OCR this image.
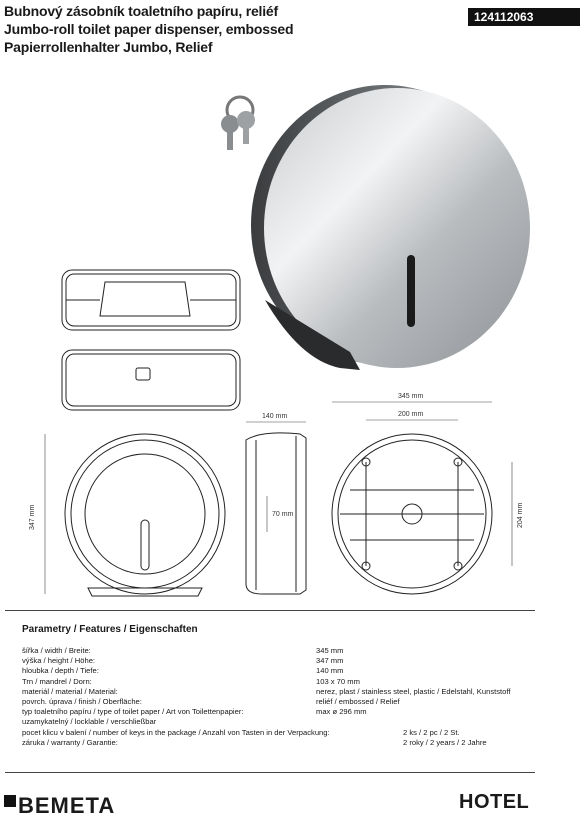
Bubnový zásobník toaletního papíru, reliéf
Jumbo-roll toilet paper dispenser, embossed
Papierrollenhalter Jumbo, Relief
124112063
140 mm
70 mm
347 mm
345 mm
200 mm
204 mm
Parametry / Features / Eigenschaften
šířka / width / Breite:	345 mm
výška / height / Höhe:	347 mm
hloubka / depth / Tiefe:	140 mm
Trn / mandrel / Dorn:	103 x 70 mm
materiál / material / Material:	nerez, plast / stainless steel, plastic / Edelstahl, Kunststoff
povrch. úprava / finish / Oberfläche:	reliéf / embossed / Relief
typ toaletního papíru / type of toilet paper / Art von Toilettenpapier:	max ø 296 mm
uzamykatelný / locklable / verschließbar
pocet klicu v balení / number of keys in the package / Anzahl von Tasten in der Verpackung:	2 ks / 2 pc / 2 St.
záruka / warranty / Garantie:	2 roky / 2 years / 2 Jahre
BEMETA	HOTEL
